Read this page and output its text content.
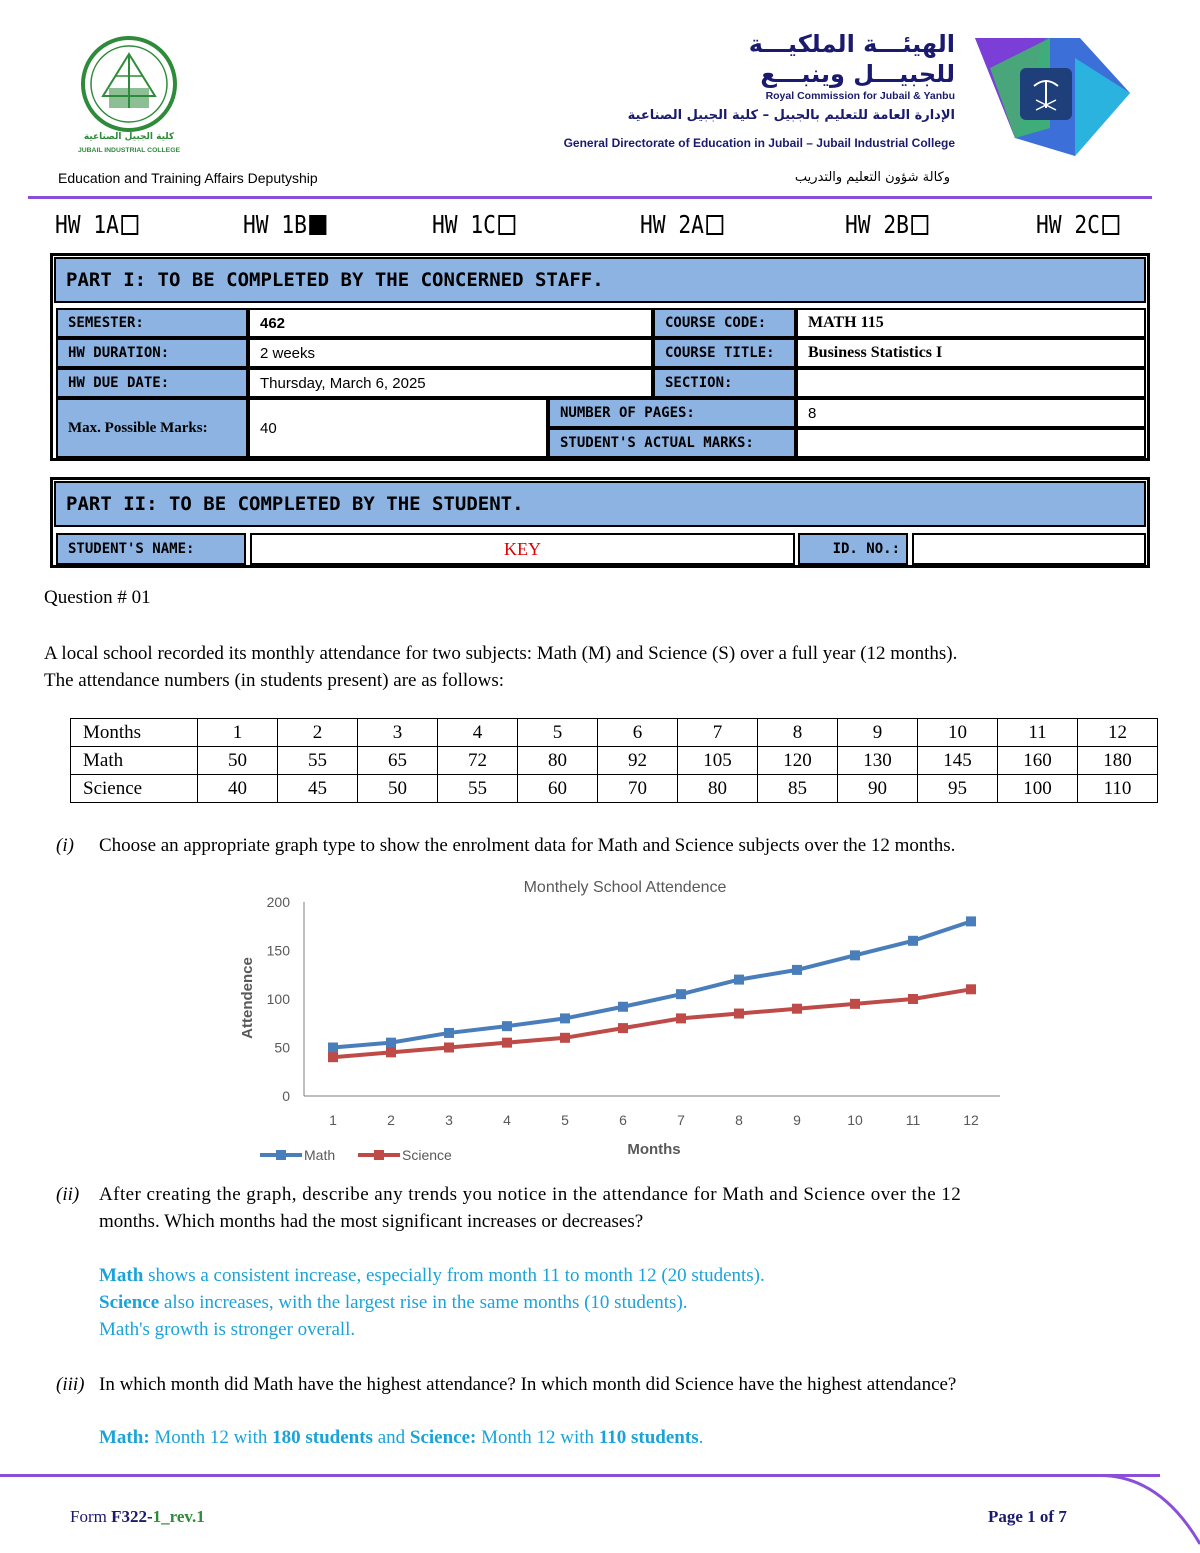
كلية الجبيل الصناعية
JUBAIL INDUSTRIAL COLLEGE
الهيئـــة الملكيـــة
للجبيـــل وينبـــع
Royal Commission for Jubail & Yanbu
الإدارة العامة للتعليم بالجبيل – كلية الجبيل الصناعية
General Directorate of Education in Jubail – Jubail Industrial College
Education and Training Affairs Deputyship	وكالة شؤون التعليم والتدريب
HW 1A	HW 1B	HW 1C	HW 2A	HW 2B	HW 2C
PART I: TO BE COMPLETED BY THE CONCERNED STAFF.
SEMESTER:	462	COURSE CODE:	MATH 115
HW DURATION:	2 weeks	COURSE TITLE:	Business Statistics I
HW DUE DATE:	Thursday, March 6, 2025	SECTION:
Max. Possible Marks:	40
NUMBER OF PAGES:	8
STUDENT'S ACTUAL MARKS:
PART II: TO BE COMPLETED BY THE STUDENT.
STUDENT'S NAME:	KEY	ID. NO.:
Question # 01
A local school recorded its monthly attendance for two subjects: Math (M) and Science (S) over a full year (12 months).
The attendance numbers (in students present) are as follows:
Months	1	2	3	4	5	6	7	8	9	10	11	12
Math	50	55	65	72	80	92	105	120	130	145	160	180
Science	40	45	50	55	60	70	80	85	90	95	100	110
(i) Choose an appropriate graph type to show the enrolment data for Math and Science subjects over the 12 months.
Monthely School Attendence
Attendence
Months
0
50
100
150
200
1	2	3	4	5	6	7	8	9	10	11	12
Math	Science
(ii) After creating the graph, describe any trends you notice in the attendance for Math and Science over the 12
months. Which months had the most significant increases or decreases?
Math shows a consistent increase, especially from month 11 to month 12 (20 students).
Science also increases, with the largest rise in the same months (10 students).
Math's growth is stronger overall.
(iii) In which month did Math have the highest attendance? In which month did Science have the highest attendance?
Math: Month 12 with 180 students and Science: Month 12 with 110 students.
Form F322-1_rev.1	Page 1 of 7
